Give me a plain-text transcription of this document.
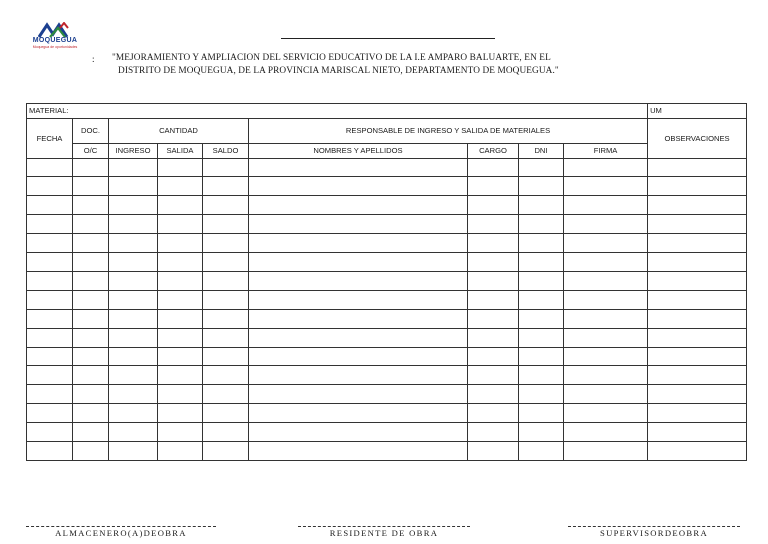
MOQUEGUA
Moquegua de oportunidades
: "MEJORAMIENTO Y AMPLIACION DEL SERVICIO EDUCATIVO DE LA I.E AMPARO BALUARTE, EN EL
DISTRITO DE MOQUEGUA, DE LA PROVINCIA MARISCAL NIETO, DEPARTAMENTO DE MOQUEGUA."
MATERIAL:									UM
FECHA	DOC.	CANTIDAD			RESPONSABLE DE INGRESO Y SALIDA DE MATERIALES				OBSERVACIONES
	O/C	INGRESO	SALIDA	SALDO	NOMBRES Y APELLIDOS	CARGO	DNI	FIRMA	

ALMACENERO(A)DEOBRA	RESIDENTE DE OBRA	SUPERVISORDEOBRA
